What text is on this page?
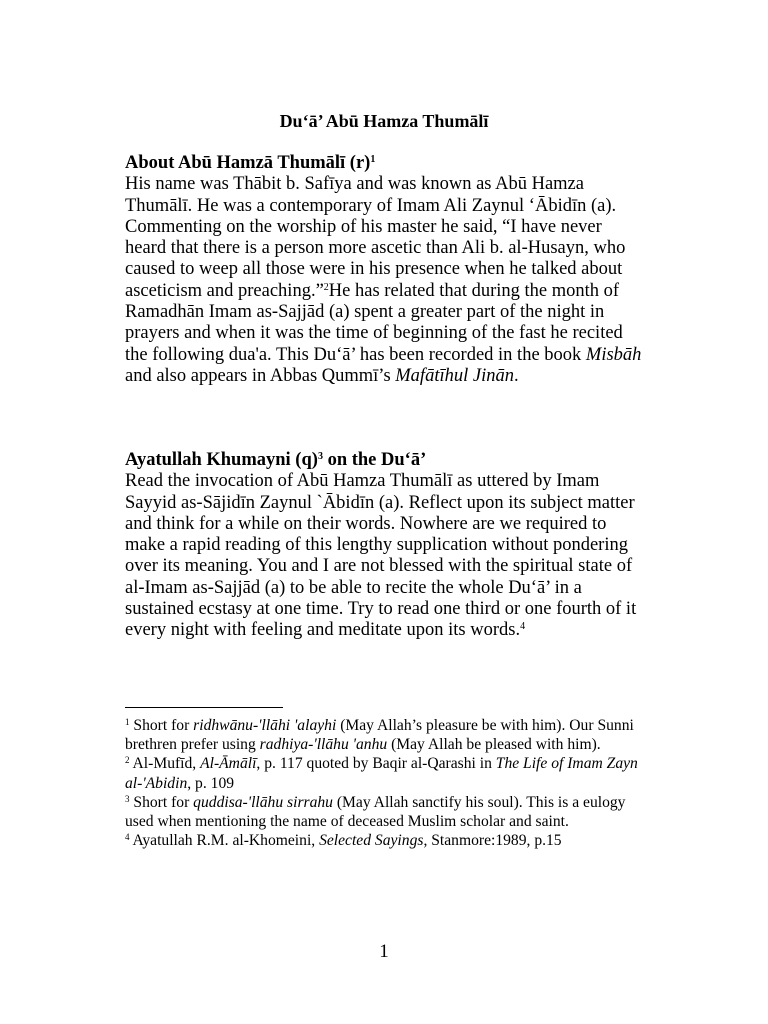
Du‘ā’ Abū Hamza Thumālī
About Abū Hamzā Thumālī $(r)^1$
His name was Thābit b. Safīya and was known as Abū Hamza Thumālī. He was a contemporary of Imam Ali Zaynul ‘Ābidīn (a). Commenting on the worship of his master he said, “I have never heard that there is a person more ascetic than Ali b. al-Husayn, who caused to weep all those were in his presence when he talked about asceticism and preaching.”$^2$He has related that during the month of Ramadhān Imam as-Sajjād (a) spent a greater part of the night in prayers and when it was the time of beginning of the fast he recited the following dua'a. This Du‘ā’ has been recorded in the book Misbāh and also appears in Abbas Qummī’s Mafātīhul Jinān.
Ayatullah Khumayni $(q)^3$ on the Du‘ā’
Read the invocation of Abū Hamza Thumālī as uttered by Imam Sayyid as-Sājidīn Zaynul `Ābidīn (a). Reflect upon its subject matter and think for a while on their words. Nowhere are we required to make a rapid reading of this lengthy supplication without pondering over its meaning. You and I are not blessed with the spiritual state of al-Imam as-Sajjād (a) to be able to recite the whole Du‘ā’ in a sustained ecstasy at one time. Try to read one third or one fourth of it every night with feeling and meditate upon its words.$^4$
$^1$ Short for ridhwānu-'llāhi 'alayhi (May Allah’s pleasure be with him). Our Sunni brethren prefer using radhiya-'llāhu 'anhu (May Allah be pleased with him).
$^2$ Al-Mufīd, Al-Āmālī, p. 117 quoted by Baqir al-Qarashi in The Life of Imam Zayn al-'Abidin, p. 109
$^3$ Short for quddisa-'llāhu sirrahu (May Allah sanctify his soul). This is a eulogy used when mentioning the name of deceased Muslim scholar and saint.
$^4$ Ayatullah R.M. al-Khomeini, Selected Sayings, Stanmore:1989, p.15
1
